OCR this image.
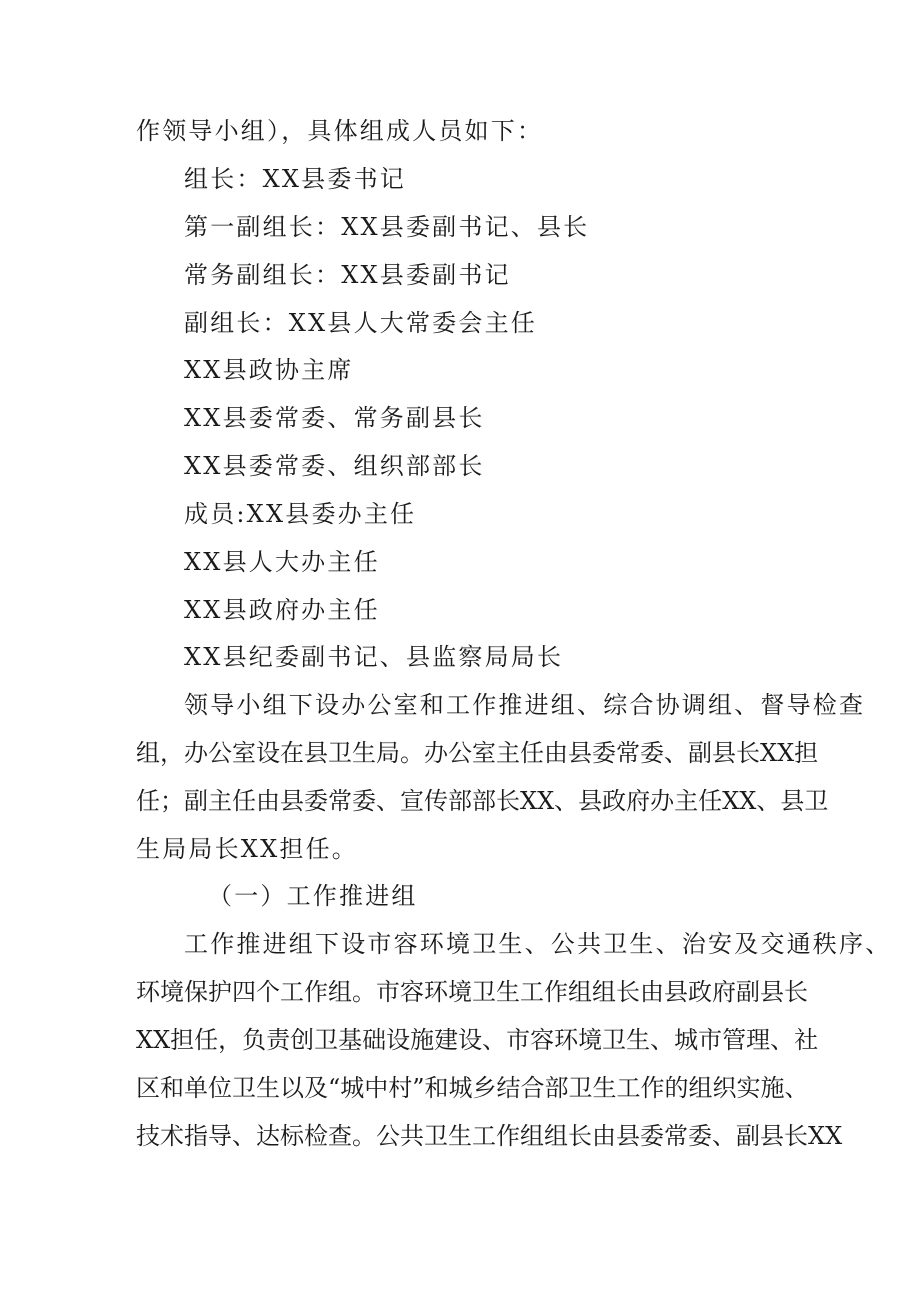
作领导小组），具体组成人员如下：
组长：XX县委书记
第一副组长：XX县委副书记、县长
常务副组长：XX县委副书记
副组长：XX县人大常委会主任
XX县政协主席
XX县委常委、常务副县长
XX县委常委、组织部部长
成员:XX县委办主任
XX县人大办主任
XX县政府办主任
XX县纪委副书记、县监察局局长
领导小组下设办公室和工作推进组、综合协调组、督导检查
组，办公室设在县卫生局。办公室主任由县委常委、副县长XX担
任；副主任由县委常委、宣传部部长XX、县政府办主任XX、县卫
生局局长XX担任。
（一）工作推进组
工作推进组下设市容环境卫生、公共卫生、治安及交通秩序、
环境保护四个工作组。市容环境卫生工作组组长由县政府副县长
XX担任，负责创卫基础设施建设、市容环境卫生、城市管理、社
区和单位卫生以及“城中村”和城乡结合部卫生工作的组织实施、
技术指导、达标检查。公共卫生工作组组长由县委常委、副县长XX
